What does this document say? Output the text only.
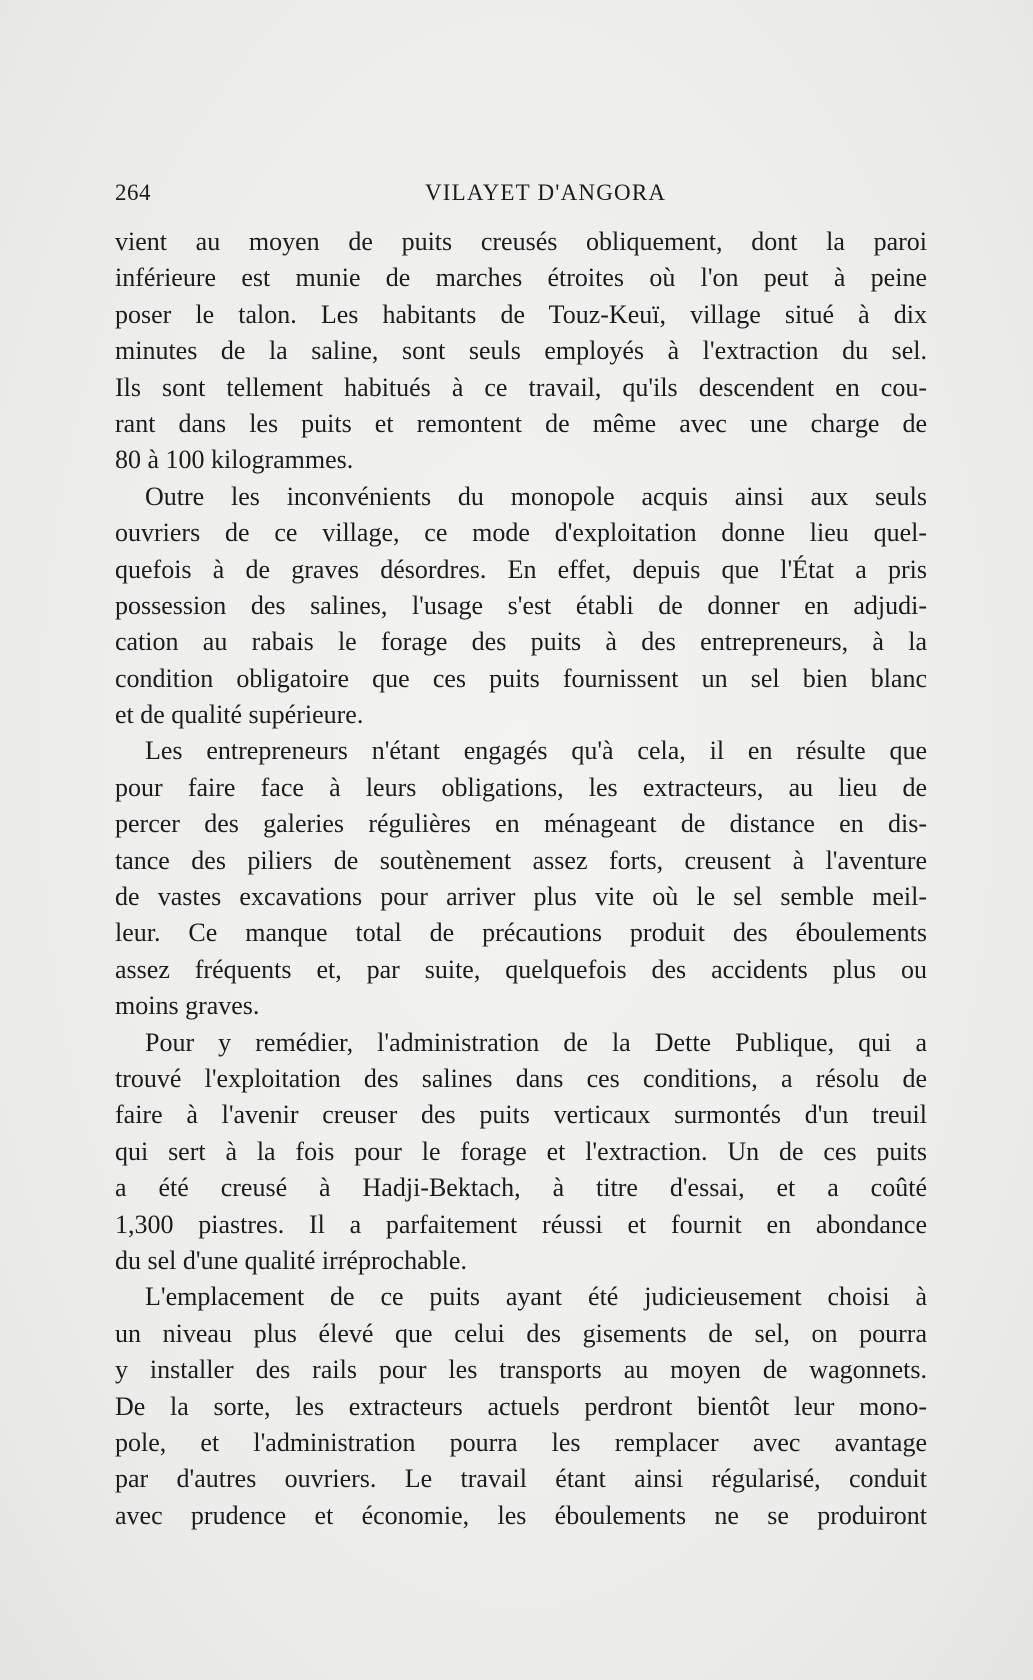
264	VILAYET D'ANGORA
vient au moyen de puits creusés obliquement, dont la paroi
inférieure est munie de marches étroites où l'on peut à peine
poser le talon. Les habitants de Touz-Keuï, village situé à dix
minutes de la saline, sont seuls employés à l'extraction du sel.
Ils sont tellement habitués à ce travail, qu'ils descendent en cou-
rant dans les puits et remontent de même avec une charge de
80 à 100 kilogrammes.
Outre les inconvénients du monopole acquis ainsi aux seuls
ouvriers de ce village, ce mode d'exploitation donne lieu quel-
quefois à de graves désordres. En effet, depuis que l'État a pris
possession des salines, l'usage s'est établi de donner en adjudi-
cation au rabais le forage des puits à des entrepreneurs, à la
condition obligatoire que ces puits fournissent un sel bien blanc
et de qualité supérieure.
Les entrepreneurs n'étant engagés qu'à cela, il en résulte que
pour faire face à leurs obligations, les extracteurs, au lieu de
percer des galeries régulières en ménageant de distance en dis-
tance des piliers de soutènement assez forts, creusent à l'aventure
de vastes excavations pour arriver plus vite où le sel semble meil-
leur. Ce manque total de précautions produit des éboulements
assez fréquents et, par suite, quelquefois des accidents plus ou
moins graves.
Pour y remédier, l'administration de la Dette Publique, qui a
trouvé l'exploitation des salines dans ces conditions, a résolu de
faire à l'avenir creuser des puits verticaux surmontés d'un treuil
qui sert à la fois pour le forage et l'extraction. Un de ces puits
a été creusé à Hadji-Bektach, à titre d'essai, et a coûté
1,300 piastres. Il a parfaitement réussi et fournit en abondance
du sel d'une qualité irréprochable.
L'emplacement de ce puits ayant été judicieusement choisi à
un niveau plus élevé que celui des gisements de sel, on pourra
y installer des rails pour les transports au moyen de wagonnets.
De la sorte, les extracteurs actuels perdront bientôt leur mono-
pole, et l'administration pourra les remplacer avec avantage
par d'autres ouvriers. Le travail étant ainsi régularisé, conduit
avec prudence et économie, les éboulements ne se produiront
